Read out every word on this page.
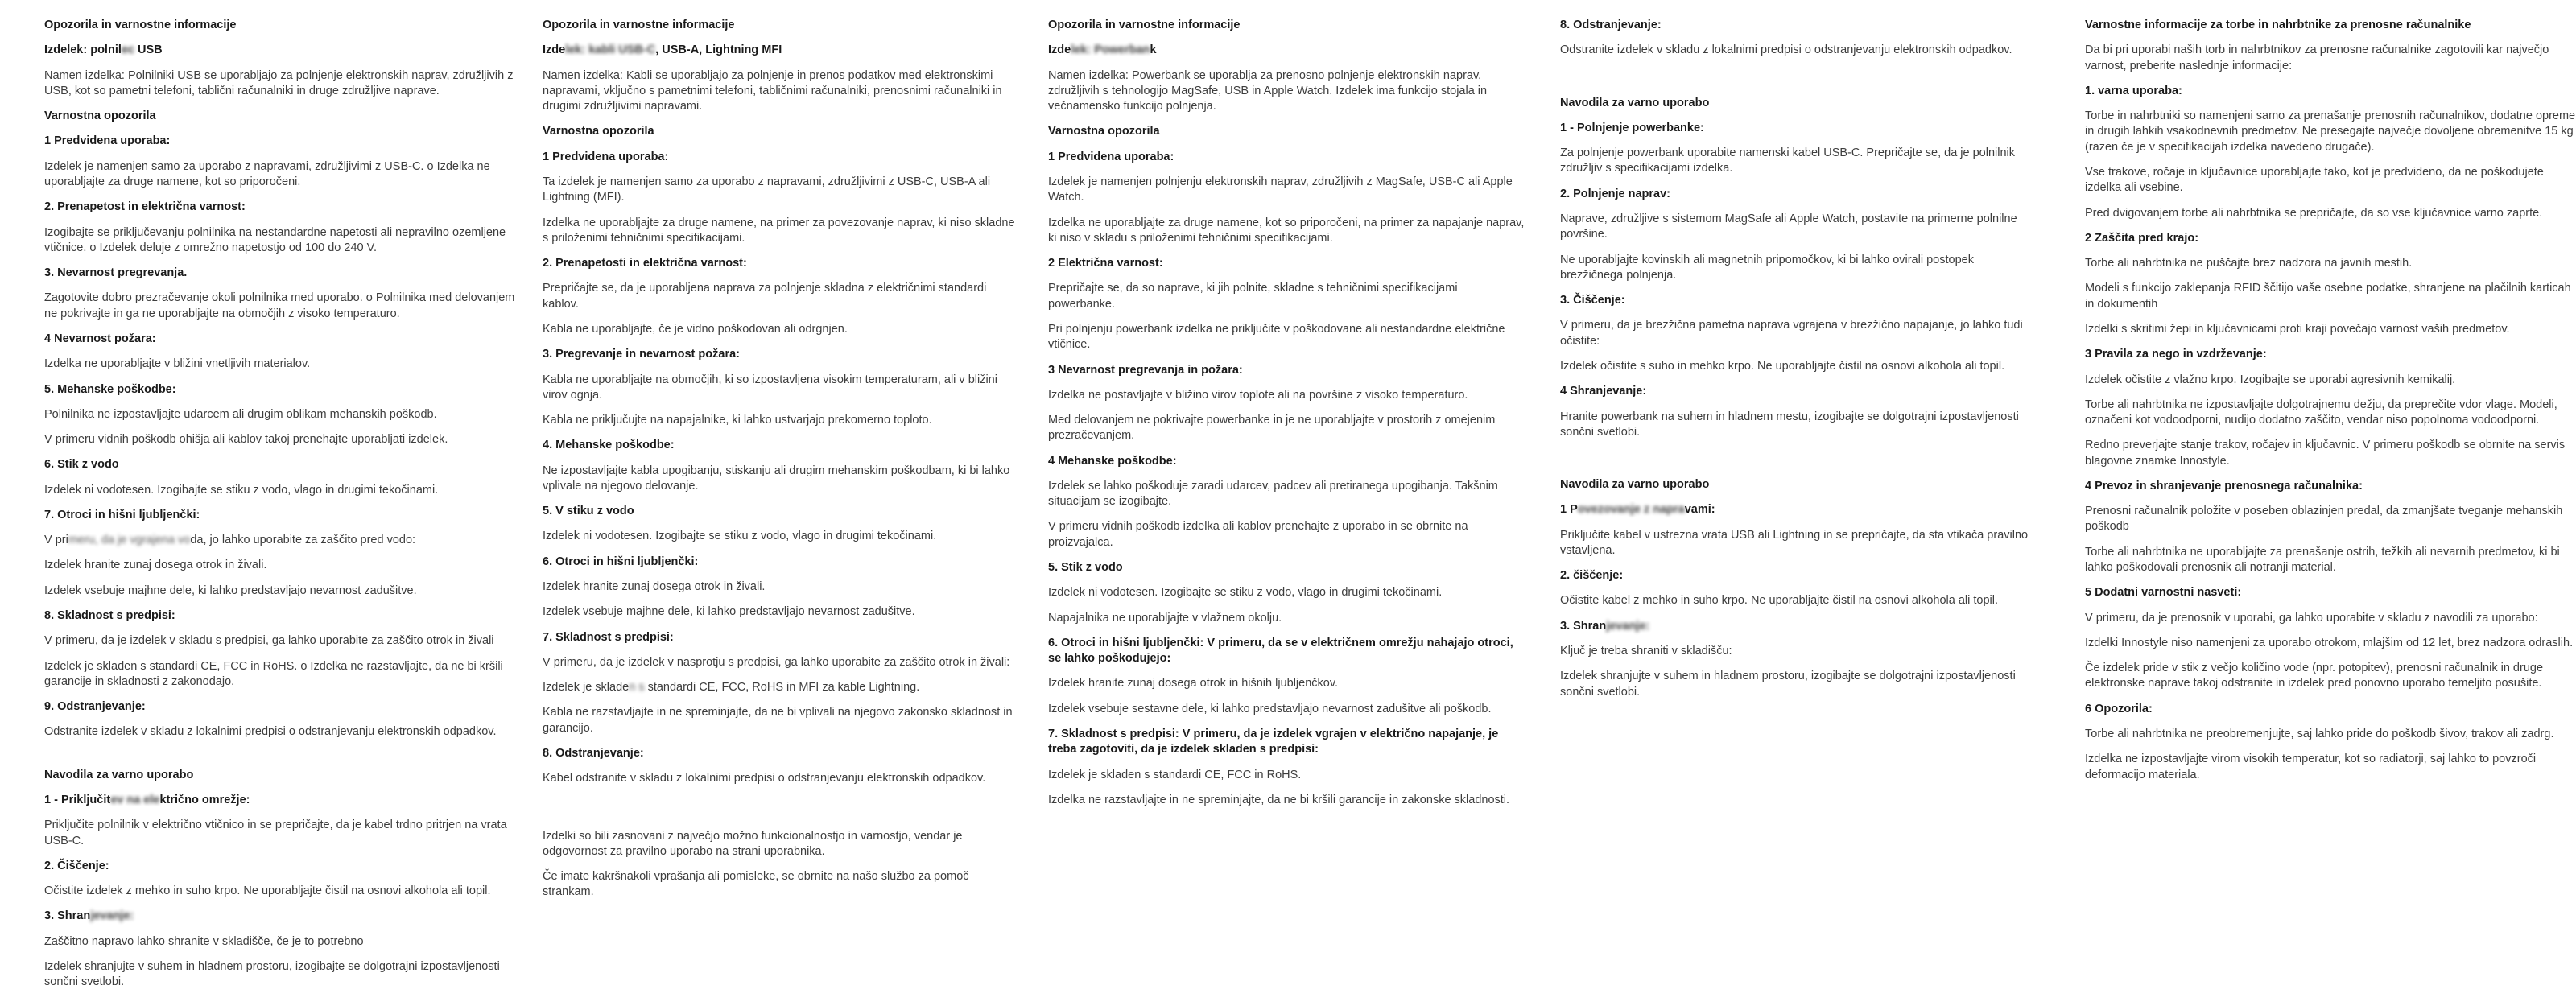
Opozorila in varnostne informacije
Izdelek: polnilec USB

Namen izdelka: Polnilniki USB se uporabljajo za polnjenje elektronskih naprav, združljivih z USB, kot so pametni telefoni, tablični računalniki in druge združljive naprave.

Varnostna opozorila
1 Predvidena uporaba:

Izdelek je namenjen samo za uporabo z napravami, združljivimi z USB-C. o Izdelka ne uporabljajte za druge namene, kot so priporočeni.

2. Prenapetost in električna varnost:

Izogibajte se priključevanju polnilnika na nestandardne napetosti ali nepravilno ozemljene vtičnice. o Izdelek deluje z omrežno napetostjo od 100 do 240 V.

3. Nevarnost pregrevanja.

Zagotovite dobro prezračevanje okoli polnilnika med uporabo. o Polnilnika med delovanjem ne pokrivajte in ga ne uporabljajte na območjih z visoko temperaturo.

4 Nevarnost požara:

Izdelka ne uporabljajte v bližini vnetljivih materialov.

5. Mehanske poškodbe:

Polnilnika ne izpostavljajte udarcem ali drugim oblikam mehanskih poškodb.

V primeru vidnih poškodb ohišja ali kablov takoj prenehajte uporabljati izdelek.

6. Stik z vodo

Izdelek ni vodotesen. Izogibajte se stiku z vodo, vlago in drugimi tekočinami.

7. Otroci in hišni ljubljenčki:

V primeru, da je vgrajena voda, jo lahko uporabite za zaščito pred vodo:

Izdelek hranite zunaj dosega otrok in živali.

Izdelek vsebuje majhne dele, ki lahko predstavljajo nevarnost zadušitve.

8. Skladnost s predpisi:

V primeru, da je izdelek v skladu s predpisi, ga lahko uporabite za zaščito otrok in živali

Izdelek je skladen s standardi CE, FCC in RoHS. o Izdelka ne razstavljajte, da ne bi kršili garancije in skladnosti z zakonodajo.

9. Odstranjevanje:

Odstranite izdelek v skladu z lokalnimi predpisi o odstranjevanju elektronskih odpadkov.

Navodila za varno uporabo
1 - Priključitev na električno omrežje:

Priključite polnilnik v električno vtičnico in se prepričajte, da je kabel trdno pritrjen na vrata USB-C.

2. Čiščenje:

Očistite izdelek z mehko in suho krpo. Ne uporabljajte čistil na osnovi alkohola ali topil.

3. Shranjevanje:

Zaščitno napravo lahko shranite v skladišče, če je to potrebno

Izdelek shranjujte v suhem in hladnem prostoru, izogibajte se dolgotrajni izpostavljenosti sončni svetlobi.

Opozorila in varnostne informacije
Izdelek: kabli USB-C, USB-A, Lightning MFI

Namen izdelka: Kabli se uporabljajo za polnjenje in prenos podatkov med elektronskimi napravami, vključno s pametnimi telefoni, tabličnimi računalniki, prenosnimi računalniki in drugimi združljivimi napravami.

Varnostna opozorila
1 Predvidena uporaba:

Ta izdelek je namenjen samo za uporabo z napravami, združljivimi z USB-C, USB-A ali Lightning (MFI).

Izdelka ne uporabljajte za druge namene, na primer za povezovanje naprav, ki niso skladne s priloženimi tehničnimi specifikacijami.

2. Prenapetosti in električna varnost:

Prepričajte se, da je uporabljena naprava za polnjenje skladna z električnimi standardi kablov.

Kabla ne uporabljajte, če je vidno poškodovan ali odrgnjen.

3. Pregrevanje in nevarnost požara:

Kabla ne uporabljajte na območjih, ki so izpostavljena visokim temperaturam, ali v bližini virov ognja.

Kabla ne priključujte na napajalnike, ki lahko ustvarjajo prekomerno toploto.

4. Mehanske poškodbe:

Ne izpostavljajte kabla upogibanju, stiskanju ali drugim mehanskim poškodbam, ki bi lahko vplivale na njegovo delovanje.

5. V stiku z vodo

Izdelek ni vodotesen. Izogibajte se stiku z vodo, vlago in drugimi tekočinami.

6. Otroci in hišni ljubljenčki:

Izdelek hranite zunaj dosega otrok in živali.

Izdelek vsebuje majhne dele, ki lahko predstavljajo nevarnost zadušitve.

7. Skladnost s predpisi:

V primeru, da je izdelek v nasprotju s predpisi, ga lahko uporabite za zaščito otrok in živali:

Izdelek je skladen s standardi CE, FCC, RoHS in MFI za kable Lightning.

Kabla ne razstavljajte in ne spreminjajte, da ne bi vplivali na njegovo zakonsko skladnost in garancijo.

8. Odstranjevanje:

Kabel odstranite v skladu z lokalnimi predpisi o odstranjevanju elektronskih odpadkov.

Izdelki so bili zasnovani z največjo možno funkcionalnostjo in varnostjo, vendar je odgovornost za pravilno uporabo na strani uporabnika.

Če imate kakršnakoli vprašanja ali pomisleke, se obrnite na našo službo za pomoč strankam.

Opozorila in varnostne informacije
Izdelek: Powerbank

Namen izdelka: Powerbank se uporablja za prenosno polnjenje elektronskih naprav, združljivih s tehnologijo MagSafe, USB in Apple Watch. Izdelek ima funkcijo stojala in večnamensko funkcijo polnjenja.

Varnostna opozorila
1 Predvidena uporaba:

Izdelek je namenjen polnjenju elektronskih naprav, združljivih z MagSafe, USB-C ali Apple Watch.

Izdelka ne uporabljajte za druge namene, kot so priporočeni, na primer za napajanje naprav, ki niso v skladu s priloženimi tehničnimi specifikacijami.

2 Električna varnost:

Prepričajte se, da so naprave, ki jih polnite, skladne s tehničnimi specifikacijami powerbanke.

Pri polnjenju powerbank izdelka ne priključite v poškodovane ali nestandardne električne vtičnice.

3 Nevarnost pregrevanja in požara:

Izdelka ne postavljajte v bližino virov toplote ali na površine z visoko temperaturo.

Med delovanjem ne pokrivajte powerbanke in je ne uporabljajte v prostorih z omejenim prezračevanjem.

4 Mehanske poškodbe:

Izdelek se lahko poškoduje zaradi udarcev, padcev ali pretiranega upogibanja. Takšnim situacijam se izogibajte.

V primeru vidnih poškodb izdelka ali kablov prenehajte z uporabo in se obrnite na proizvajalca.

5. Stik z vodo

Izdelek ni vodotesen. Izogibajte se stiku z vodo, vlago in drugimi tekočinami.

Napajalnika ne uporabljajte v vlažnem okolju.

6. Otroci in hišni ljubljenčki: V primeru, da se v električnem omrežju nahajajo otroci, se lahko poškodujejo:

Izdelek hranite zunaj dosega otrok in hišnih ljubljenčkov.

Izdelek vsebuje sestavne dele, ki lahko predstavljajo nevarnost zadušitve ali poškodb.

7. Skladnost s predpisi: V primeru, da je izdelek vgrajen v električno napajanje, je treba zagotoviti, da je izdelek skladen s predpisi:

Izdelek je skladen s standardi CE, FCC in RoHS.

Izdelka ne razstavljajte in ne spreminjajte, da ne bi kršili garancije in zakonske skladnosti.

8. Odstranjevanje:

Odstranite izdelek v skladu z lokalnimi predpisi o odstranjevanju elektronskih odpadkov.

Navodila za varno uporabo
1 - Polnjenje powerbanke:

Za polnjenje powerbank uporabite namenski kabel USB-C. Prepričajte se, da je polnilnik združljiv s specifikacijami izdelka.

2. Polnjenje naprav:

Naprave, združljive s sistemom MagSafe ali Apple Watch, postavite na primerne polnilne površine.

Ne uporabljajte kovinskih ali magnetnih pripomočkov, ki bi lahko ovirali postopek brezžičnega polnjenja.

3. Čiščenje:

V primeru, da je brezžična pametna naprava vgrajena v brezžično napajanje, jo lahko tudi očistite:

Izdelek očistite s suho in mehko krpo. Ne uporabljajte čistil na osnovi alkohola ali topil.

4 Shranjevanje:

Hranite powerbank na suhem in hladnem mestu, izogibajte se dolgotrajni izpostavljenosti sončni svetlobi.

Navodila za varno uporabo
1 Povezovanje z napravami:

Priključite kabel v ustrezna vrata USB ali Lightning in se prepričajte, da sta vtikača pravilno vstavljena.

2. čiščenje:

Očistite kabel z mehko in suho krpo. Ne uporabljajte čistil na osnovi alkohola ali topil.

3. Shranjevanje:

Ključ je treba shraniti v skladišču:

Izdelek shranjujte v suhem in hladnem prostoru, izogibajte se dolgotrajni izpostavljenosti sončni svetlobi.

Varnostne informacije za torbe in nahrbtnike za prenosne računalnike

Da bi pri uporabi naših torb in nahrbtnikov za prenosne računalnike zagotovili kar največjo varnost, preberite naslednje informacije:

1. varna uporaba:

Torbe in nahrbtniki so namenjeni samo za prenašanje prenosnih računalnikov, dodatne opreme in drugih lahkih vsakodnevnih predmetov. Ne presegajte največje dovoljene obremenitve 15 kg (razen če je v specifikacijah izdelka navedeno drugače).

Vse trakove, ročaje in ključavnice uporabljajte tako, kot je predvideno, da ne poškodujete izdelka ali vsebine.

Pred dvigovanjem torbe ali nahrbtnika se prepričajte, da so vse ključavnice varno zaprte.

2 Zaščita pred krajo:

Torbe ali nahrbtnika ne puščajte brez nadzora na javnih mestih.

Modeli s funkcijo zaklepanja RFID ščitijo vaše osebne podatke, shranjene na plačilnih karticah in dokumentih

Izdelki s skritimi žepi in ključavnicami proti kraji povečajo varnost vaših predmetov.

3 Pravila za nego in vzdrževanje:

Izdelek očistite z vlažno krpo. Izogibajte se uporabi agresivnih kemikalij.

Torbe ali nahrbtnika ne izpostavljajte dolgotrajnemu dežju, da preprečite vdor vlage. Modeli, označeni kot vodoodporni, nudijo dodatno zaščito, vendar niso popolnoma vodoodporni.

Redno preverjajte stanje trakov, ročajev in ključavnic. V primeru poškodb se obrnite na servis blagovne znamke Innostyle.

4 Prevoz in shranjevanje prenosnega računalnika:

Prenosni računalnik položite v poseben oblazinjen predal, da zmanjšate tveganje mehanskih poškodb

Torbe ali nahrbtnika ne uporabljajte za prenašanje ostrih, težkih ali nevarnih predmetov, ki bi lahko poškodovali prenosnik ali notranji material.

5 Dodatni varnostni nasveti:

V primeru, da je prenosnik v uporabi, ga lahko uporabite v skladu z navodili za uporabo:

Izdelki Innostyle niso namenjeni za uporabo otrokom, mlajšim od 12 let, brez nadzora odraslih.

Če izdelek pride v stik z večjo količino vode (npr. potopitev), prenosni računalnik in druge elektronske naprave takoj odstranite in izdelek pred ponovno uporabo temeljito posušite.

6 Opozorila:

Torbe ali nahrbtnika ne preobremenjujte, saj lahko pride do poškodb šivov, trakov ali zadrg.

Izdelka ne izpostavljajte virom visokih temperatur, kot so radiatorji, saj lahko to povzroči deformacijo materiala.
